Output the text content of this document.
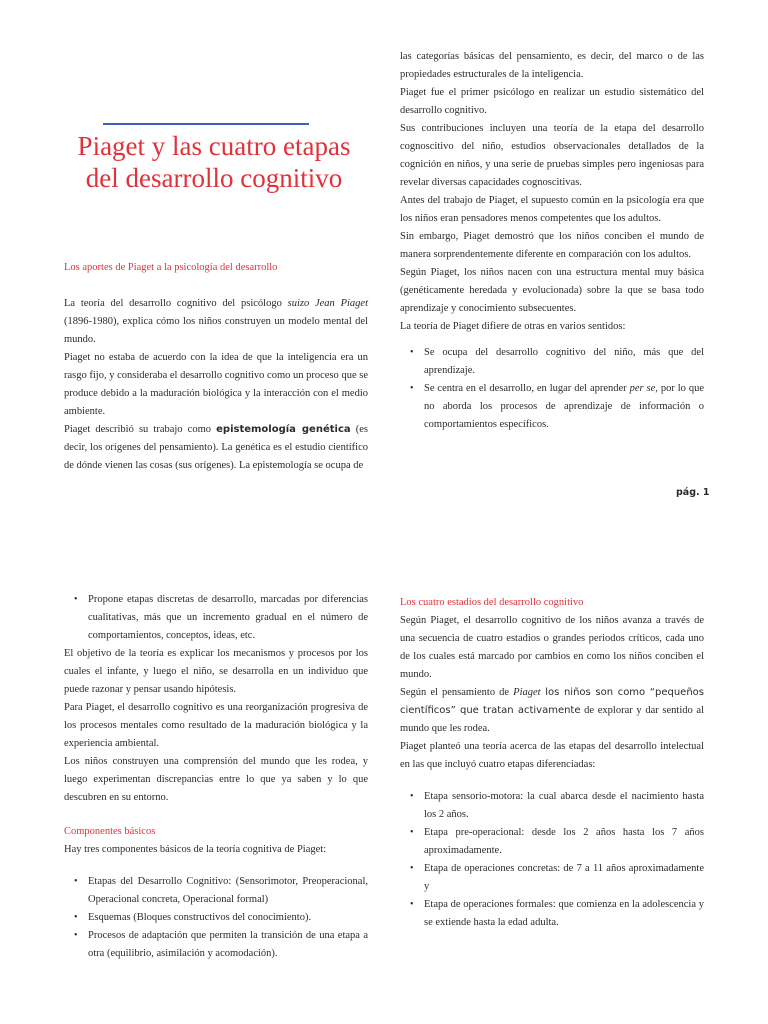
Piaget y las cuatro etapas del desarrollo cognitivo

Los aportes de Piaget a la psicología del desarrollo

La teoría del desarrollo cognitivo del psicólogo suizo Jean Piaget (1896-1980), explica cómo los niños construyen un modelo mental del mundo.

Piaget no estaba de acuerdo con la idea de que la inteligencia era un rasgo fijo, y consideraba el desarrollo cognitivo como un proceso que se produce debido a la maduración biológica y la interacción con el medio ambiente.

Piaget describió su trabajo como epistemología genética (es decir, los orígenes del pensamiento). La genética es el estudio científico de dónde vienen las cosas (sus orígenes). La epistemología se ocupa de

las categorías básicas del pensamiento, es decir, del marco o de las propiedades estructurales de la inteligencia.

Piaget fue el primer psicólogo en realizar un estudio sistemático del desarrollo cognitivo.

Sus contribuciones incluyen una teoría de la etapa del desarrollo cognoscitivo del niño, estudios observacionales detallados de la cognición en niños, y una serie de pruebas simples pero ingeniosas para revelar diversas capacidades cognoscitivas.

Antes del trabajo de Piaget, el supuesto común en la psicología era que los niños eran pensadores menos competentes que los adultos.

Sin embargo, Piaget demostró que los niños conciben el mundo de manera sorprendentemente diferente en comparación con los adultos.

Según Piaget, los niños nacen con una estructura mental muy básica (genéticamente heredada y evolucionada) sobre la que se basa todo aprendizaje y conocimiento subsecuentes.

La teoría de Piaget difiere de otras en varios sentidos:

• Se ocupa del desarrollo cognitivo del niño, más que del aprendizaje.
• Se centra en el desarrollo, en lugar del aprender per se, por lo que no aborda los procesos de aprendizaje de información o comportamientos específicos.
pág. 1
• Propone etapas discretas de desarrollo, marcadas por diferencias cualitativas, más que un incremento gradual en el número de comportamientos, conceptos, ideas, etc.

El objetivo de la teoría es explicar los mecanismos y procesos por los cuales el infante, y luego el niño, se desarrolla en un individuo que puede razonar y pensar usando hipótesis.

Para Piaget, el desarrollo cognitivo es una reorganización progresiva de los procesos mentales como resultado de la maduración biológica y la experiencia ambiental.

Los niños construyen una comprensión del mundo que les rodea, y luego experimentan discrepancias entre lo que ya saben y lo que descubren en su entorno.

Componentes básicos

Hay tres componentes básicos de la teoría cognitiva de Piaget:

• Etapas del Desarrollo Cognitivo: (Sensorimotor, Preoperacional, Operacional concreta, Operacional formal)
• Esquemas (Bloques constructivos del conocimiento).
• Procesos de adaptación que permiten la transición de una etapa a otra (equilibrio, asimilación y acomodación).

Los cuatro estadios del desarrollo cognitivo

Según Piaget, el desarrollo cognitivo de los niños avanza a través de una secuencia de cuatro estadios o grandes periodos críticos, cada uno de los cuales está marcado por cambios en como los niños conciben el mundo.

Según el pensamiento de Piaget los niños son como “pequeños científicos” que tratan activamente de explorar y dar sentido al mundo que les rodea.

Piaget planteó una teoría acerca de las etapas del desarrollo intelectual en las que incluyó cuatro etapas diferenciadas:

• Etapa sensorio-motora: la cual abarca desde el nacimiento hasta los 2 años.
• Etapa pre-operacional: desde los 2 años hasta los 7 años aproximadamente.
• Etapa de operaciones concretas: de 7 a 11 años aproximadamente y
• Etapa de operaciones formales: que comienza en la adolescencia y se extiende hasta la edad adulta.
